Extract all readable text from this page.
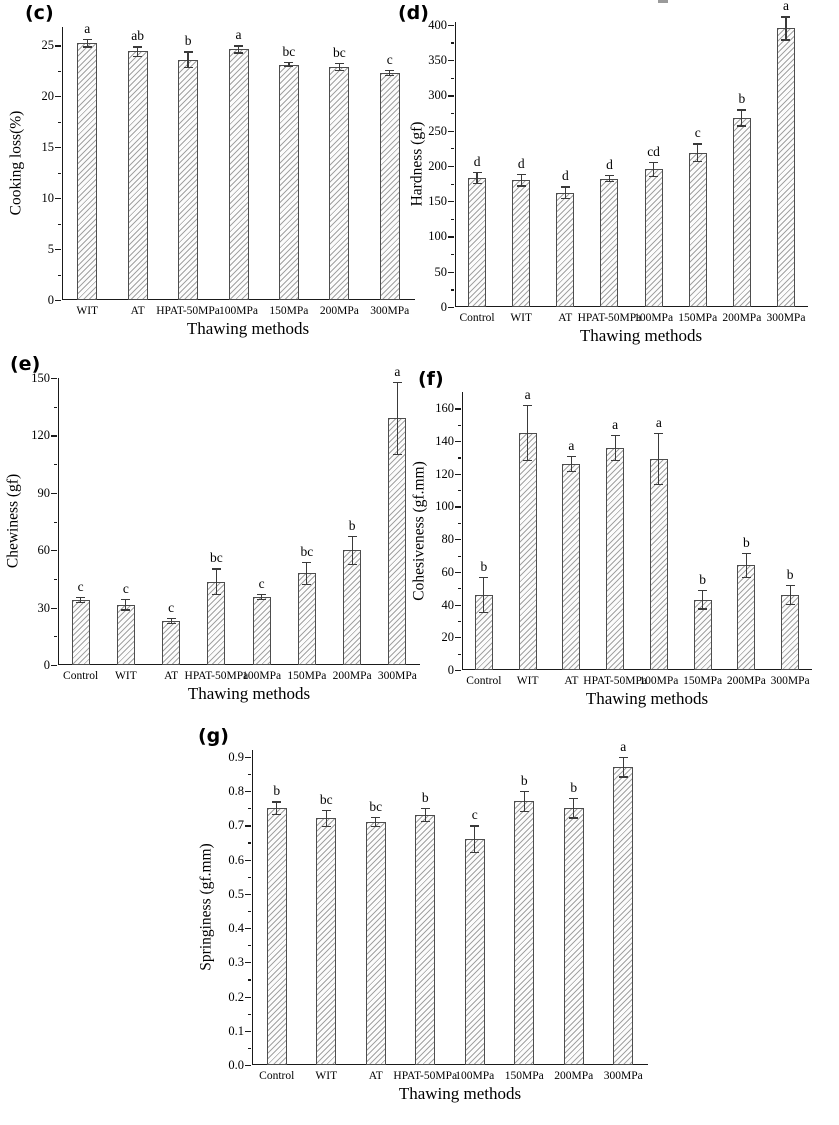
(c)
Cooking loss(%)
Thawing methods
(d)
Hardness (gf)
Thawing methods
(e)
Chewiness (gf)
Thawing methods
(f)
Cohesiveness (gf.mm)
Thawing methods
(g)
Springiness (gf.mm)
Thawing methods
0
5
10
15
20
25
a
WIT
ab
AT
b
HPAT-50MPa
a
100MPa
bc
150MPa
bc
200MPa
c
300MPa	0
50
100
150
200
250
300
350
400
d
Control
d
WIT
d
AT
d
HPAT-50MPa
cd
100MPa
c
150MPa
b
200MPa
a
300MPa
0
30
60
90
120
150
c
Control
c
WIT
c
AT
bc
HPAT-50MPa
c
100MPa
bc
150MPa
b
200MPa
a
300MPa	0
20
40
60
80
100
120
140
160
b
Control
a
WIT
a
AT
a
HPAT-50MPa
a
100MPa
b
150MPa
b
200MPa
b
300MPa
0.0
0.1
0.2
0.3
0.4
0.5
0.6
0.7
0.8
0.9
b
Control
bc
WIT
bc
AT
b
HPAT-50MPa
c
100MPa
b
150MPa
b
200MPa
a
300MPa
